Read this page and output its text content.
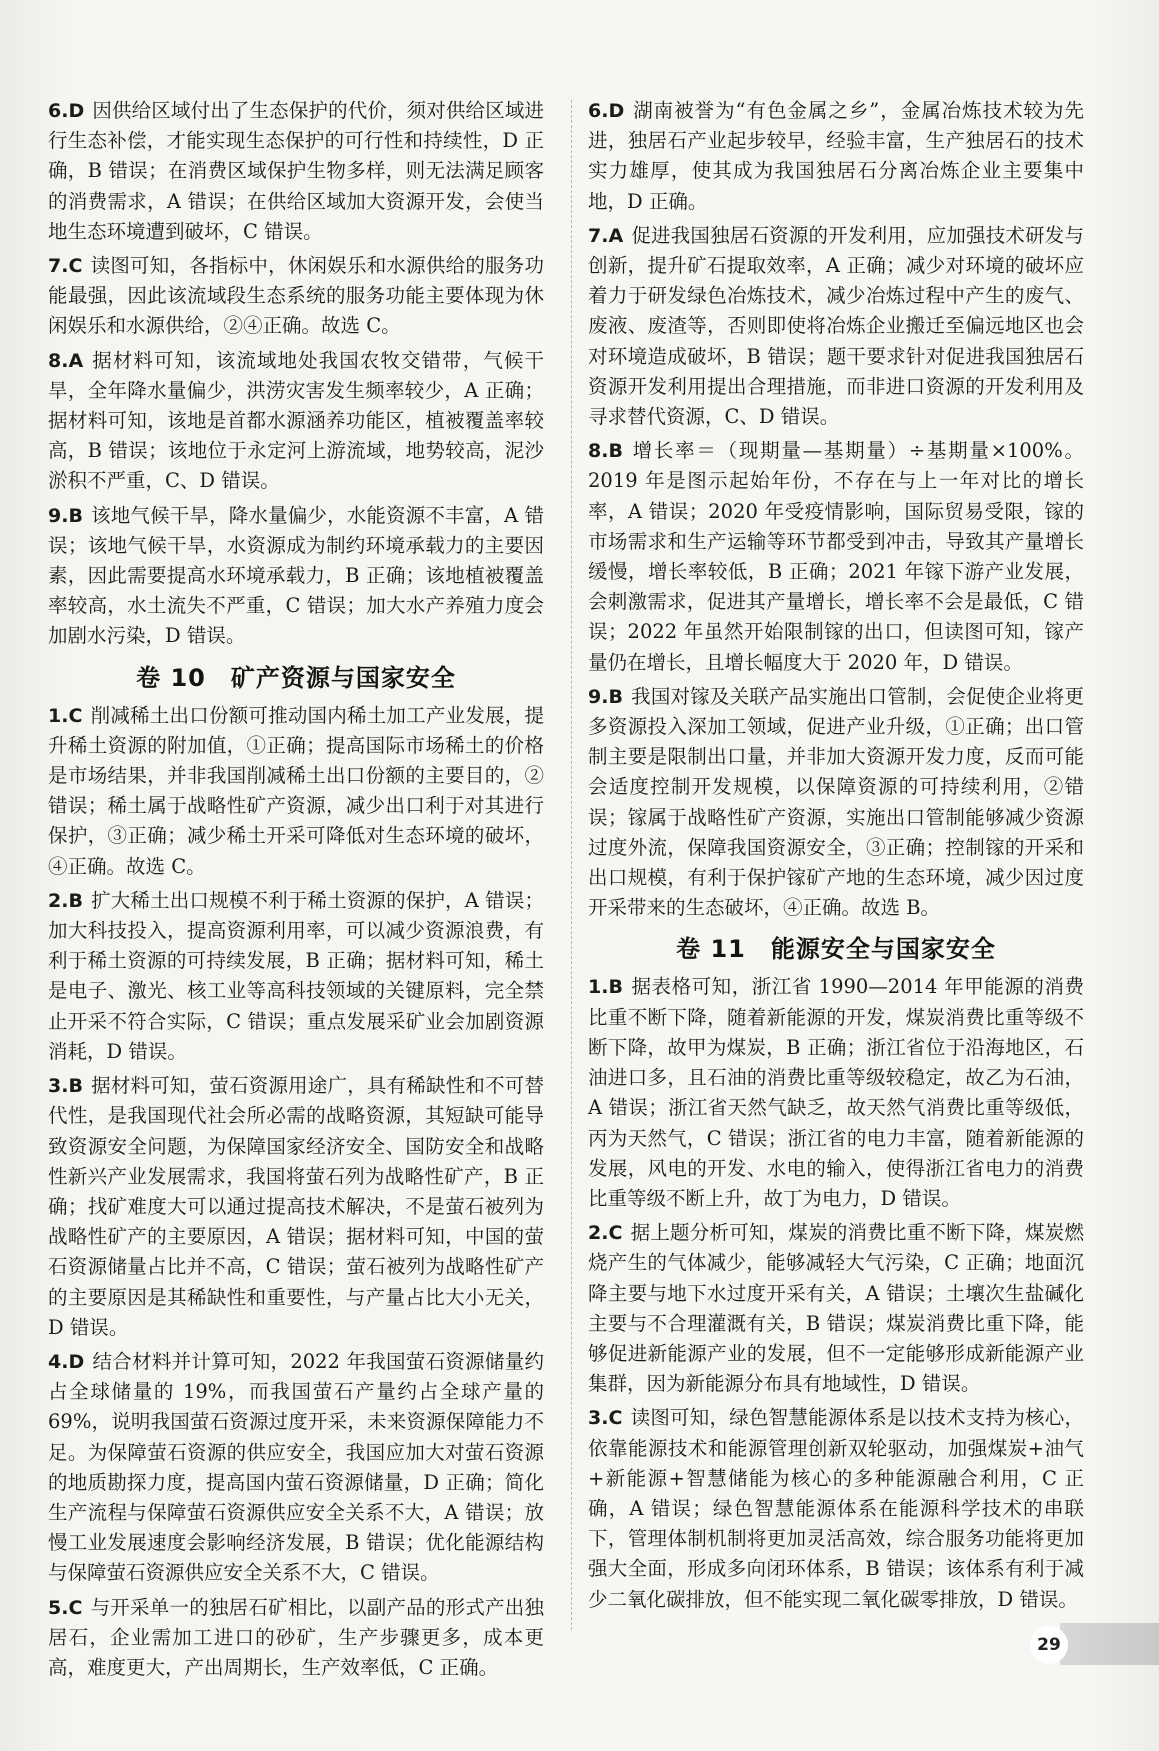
6.D 因供给区域付出了生态保护的代价，须对供给区域进行生态补偿，才能实现生态保护的可行性和持续性，D 正确，B 错误；在消费区域保护生物多样，则无法满足顾客的消费需求，A 错误；在供给区域加大资源开发，会使当地生态环境遭到破坏，C 错误。

7.C 读图可知，各指标中，休闲娱乐和水源供给的服务功能最强，因此该流域段生态系统的服务功能主要体现为休闲娱乐和水源供给，②④正确。故选 C。

8.A 据材料可知，该流域地处我国农牧交错带，气候干旱，全年降水量偏少，洪涝灾害发生频率较少，A 正确；据材料可知，该地是首都水源涵养功能区，植被覆盖率较高，B 错误；该地位于永定河上游流域，地势较高，泥沙淤积不严重，C、D 错误。

9.B 该地气候干旱，降水量偏少，水能资源不丰富，A 错误；该地气候干旱，水资源成为制约环境承载力的主要因素，因此需要提高水环境承载力，B 正确；该地植被覆盖率较高，水土流失不严重，C 错误；加大水产养殖力度会加剧水污染，D 错误。

卷 10　矿产资源与国家安全

1.C 削减稀土出口份额可推动国内稀土加工产业发展，提升稀土资源的附加值，①正确；提高国际市场稀土的价格是市场结果，并非我国削减稀土出口份额的主要目的，②错误；稀土属于战略性矿产资源，减少出口利于对其进行保护，③正确；减少稀土开采可降低对生态环境的破坏，④正确。故选 C。

2.B 扩大稀土出口规模不利于稀土资源的保护，A 错误；加大科技投入，提高资源利用率，可以减少资源浪费，有利于稀土资源的可持续发展，B 正确；据材料可知，稀土是电子、激光、核工业等高科技领域的关键原料，完全禁止开采不符合实际，C 错误；重点发展采矿业会加剧资源消耗，D 错误。

3.B 据材料可知，萤石资源用途广，具有稀缺性和不可替代性，是我国现代社会所必需的战略资源，其短缺可能导致资源安全问题，为保障国家经济安全、国防安全和战略性新兴产业发展需求，我国将萤石列为战略性矿产，B 正确；找矿难度大可以通过提高技术解决，不是萤石被列为战略性矿产的主要原因，A 错误；据材料可知，中国的萤石资源储量占比并不高，C 错误；萤石被列为战略性矿产的主要原因是其稀缺性和重要性，与产量占比大小无关，D 错误。

4.D 结合材料并计算可知，2022 年我国萤石资源储量约占全球储量的 19%，而我国萤石产量约占全球产量的 69%，说明我国萤石资源过度开采，未来资源保障能力不足。为保障萤石资源的供应安全，我国应加大对萤石资源的地质勘探力度，提高国内萤石资源储量，D 正确；简化生产流程与保障萤石资源供应安全关系不大，A 错误；放慢工业发展速度会影响经济发展，B 错误；优化能源结构与保障萤石资源供应安全关系不大，C 错误。

5.C 与开采单一的独居石矿相比，以副产品的形式产出独居石，企业需加工进口的砂矿，生产步骤更多，成本更高，难度更大，产出周期长，生产效率低，C 正确。

6.D 湖南被誉为“有色金属之乡”，金属冶炼技术较为先进，独居石产业起步较早，经验丰富，生产独居石的技术实力雄厚，使其成为我国独居石分离冶炼企业主要集中地，D 正确。

7.A 促进我国独居石资源的开发利用，应加强技术研发与创新，提升矿石提取效率，A 正确；减少对环境的破坏应着力于研发绿色冶炼技术，减少冶炼过程中产生的废气、废液、废渣等，否则即使将冶炼企业搬迁至偏远地区也会对环境造成破坏，B 错误；题干要求针对促进我国独居石资源开发利用提出合理措施，而非进口资源的开发利用及寻求替代资源，C、D 错误。

8.B 增长率＝（现期量—基期量）÷基期量×100%。2019 年是图示起始年份，不存在与上一年对比的增长率，A 错误；2020 年受疫情影响，国际贸易受限，镓的市场需求和生产运输等环节都受到冲击，导致其产量增长缓慢，增长率较低，B 正确；2021 年镓下游产业发展，会刺激需求，促进其产量增长，增长率不会是最低，C 错误；2022 年虽然开始限制镓的出口，但读图可知，镓产量仍在增长，且增长幅度大于 2020 年，D 错误。

9.B 我国对镓及关联产品实施出口管制，会促使企业将更多资源投入深加工领域，促进产业升级，①正确；出口管制主要是限制出口量，并非加大资源开发力度，反而可能会适度控制开发规模，以保障资源的可持续利用，②错误；镓属于战略性矿产资源，实施出口管制能够减少资源过度外流，保障我国资源安全，③正确；控制镓的开采和出口规模，有利于保护镓矿产地的生态环境，减少因过度开采带来的生态破坏，④正确。故选 B。

卷 11　能源安全与国家安全

1.B 据表格可知，浙江省 1990—2014 年甲能源的消费比重不断下降，随着新能源的开发，煤炭消费比重等级不断下降，故甲为煤炭，B 正确；浙江省位于沿海地区，石油进口多，且石油的消费比重等级较稳定，故乙为石油，A 错误；浙江省天然气缺乏，故天然气消费比重等级低，丙为天然气，C 错误；浙江省的电力丰富，随着新能源的发展，风电的开发、水电的输入，使得浙江省电力的消费比重等级不断上升，故丁为电力，D 错误。

2.C 据上题分析可知，煤炭的消费比重不断下降，煤炭燃烧产生的气体减少，能够减轻大气污染，C 正确；地面沉降主要与地下水过度开采有关，A 错误；土壤次生盐碱化主要与不合理灌溉有关，B 错误；煤炭消费比重下降，能够促进新能源产业的发展，但不一定能够形成新能源产业集群，因为新能源分布具有地域性，D 错误。

3.C 读图可知，绿色智慧能源体系是以技术支持为核心，依靠能源技术和能源管理创新双轮驱动，加强煤炭+油气+新能源+智慧储能为核心的多种能源融合利用，C 正确，A 错误；绿色智慧能源体系在能源科学技术的串联下，管理体制机制将更加灵活高效，综合服务功能将更加强大全面，形成多向闭环体系，B 错误；该体系有利于减少二氧化碳排放，但不能实现二氧化碳零排放，D 错误。

29
